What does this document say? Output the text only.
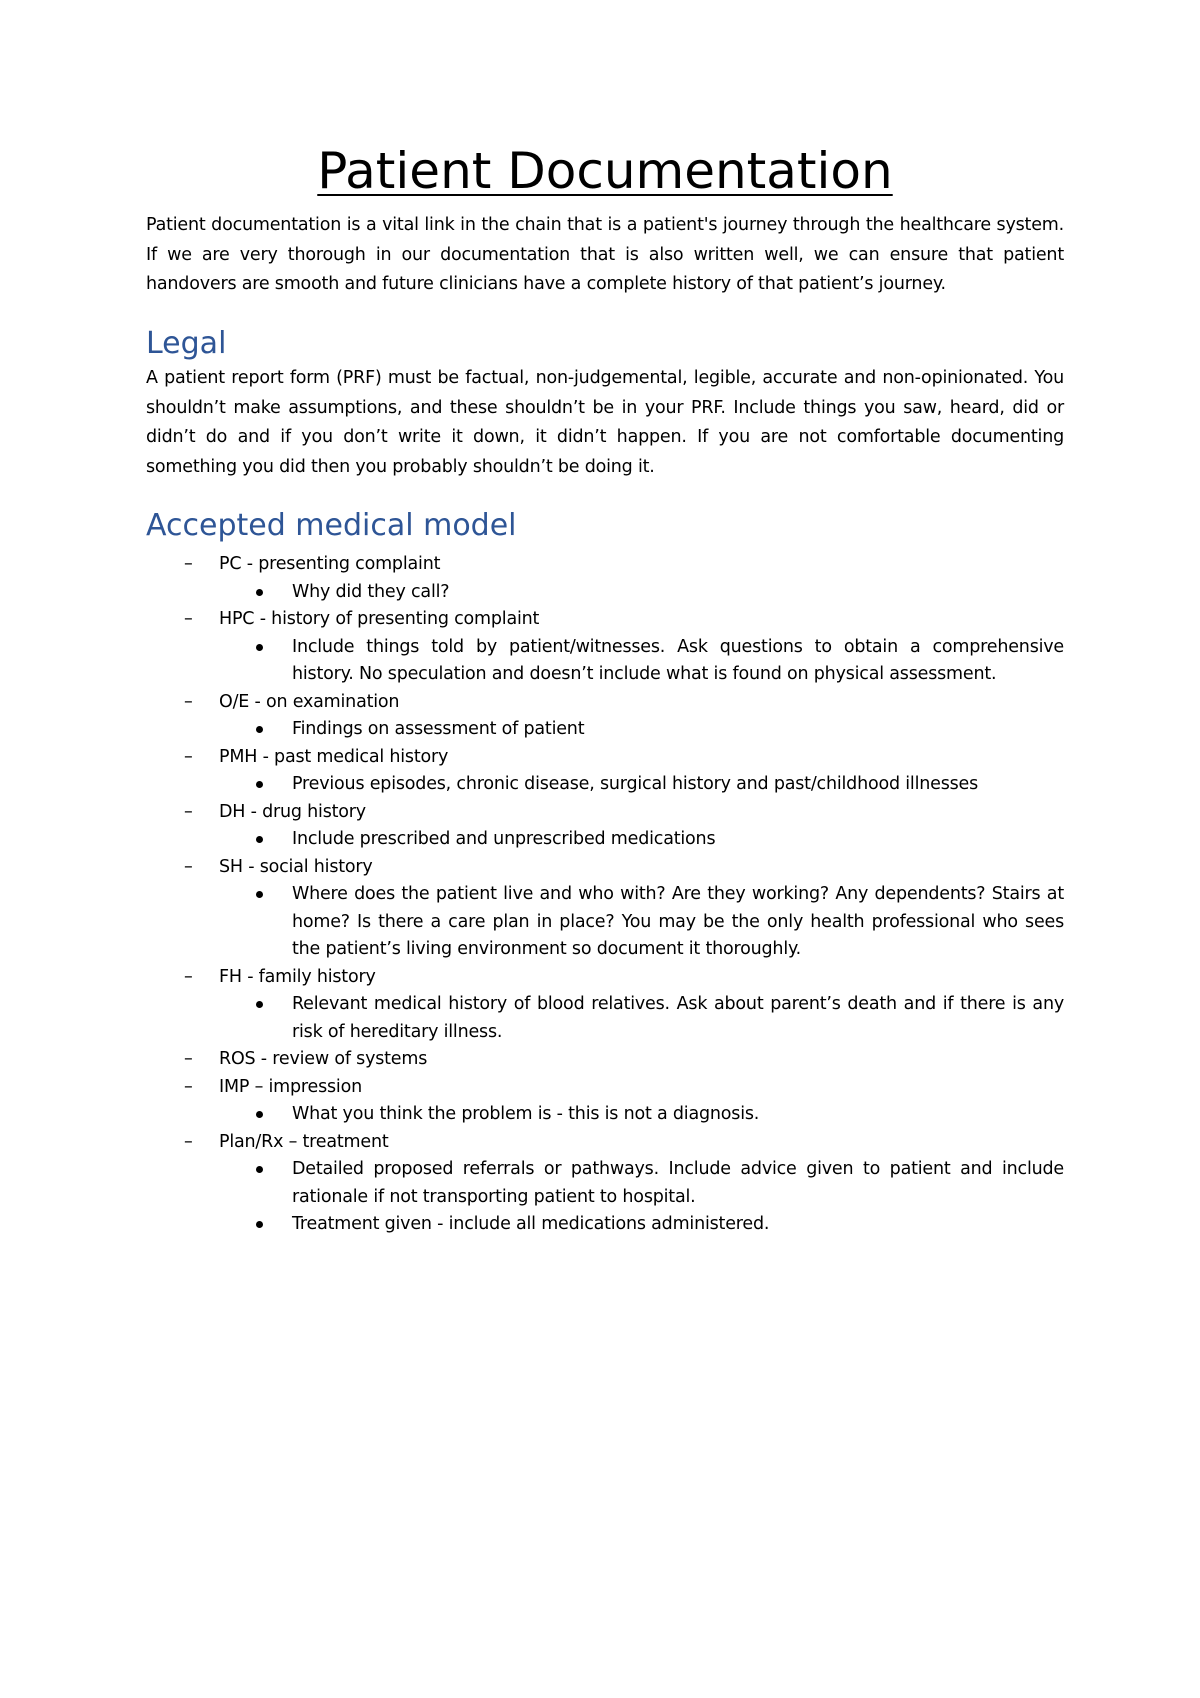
Patient Documentation

Patient documentation is a vital link in the chain that is a patient's journey through the healthcare system. If we are very thorough in our documentation that is also written well, we can ensure that patient handovers are smooth and future clinicians have a complete history of that patient’s journey.

Legal

A patient report form (PRF) must be factual, non-judgemental, legible, accurate and non-opinionated. You shouldn’t make assumptions, and these shouldn’t be in your PRF. Include things you saw, heard, did or didn’t do and if you don’t write it down, it didn’t happen. If you are not comfortable documenting something you did then you probably shouldn’t be doing it.

Accepted medical model
–	PC - presenting complaint
Why did they call?
–	HPC - history of presenting complaint
Include things told by patient/witnesses. Ask questions to obtain a comprehensive history. No speculation and doesn’t include what is found on physical assessment.
–	O/E - on examination
Findings on assessment of patient
–	PMH - past medical history
Previous episodes, chronic disease, surgical history and past/childhood illnesses
–	DH - drug history
Include prescribed and unprescribed medications
–	SH - social history
Where does the patient live and who with? Are they working? Any dependents? Stairs at home? Is there a care plan in place? You may be the only health professional who sees the patient’s living environment so document it thoroughly.
–	FH - family history
Relevant medical history of blood relatives. Ask about parent’s death and if there is any risk of hereditary illness.
–	ROS - review of systems
–	IMP – impression
What you think the problem is - this is not a diagnosis.
–	Plan/Rx – treatment
Detailed proposed referrals or pathways. Include advice given to patient and include rationale if not transporting patient to hospital.
Treatment given - include all medications administered.
